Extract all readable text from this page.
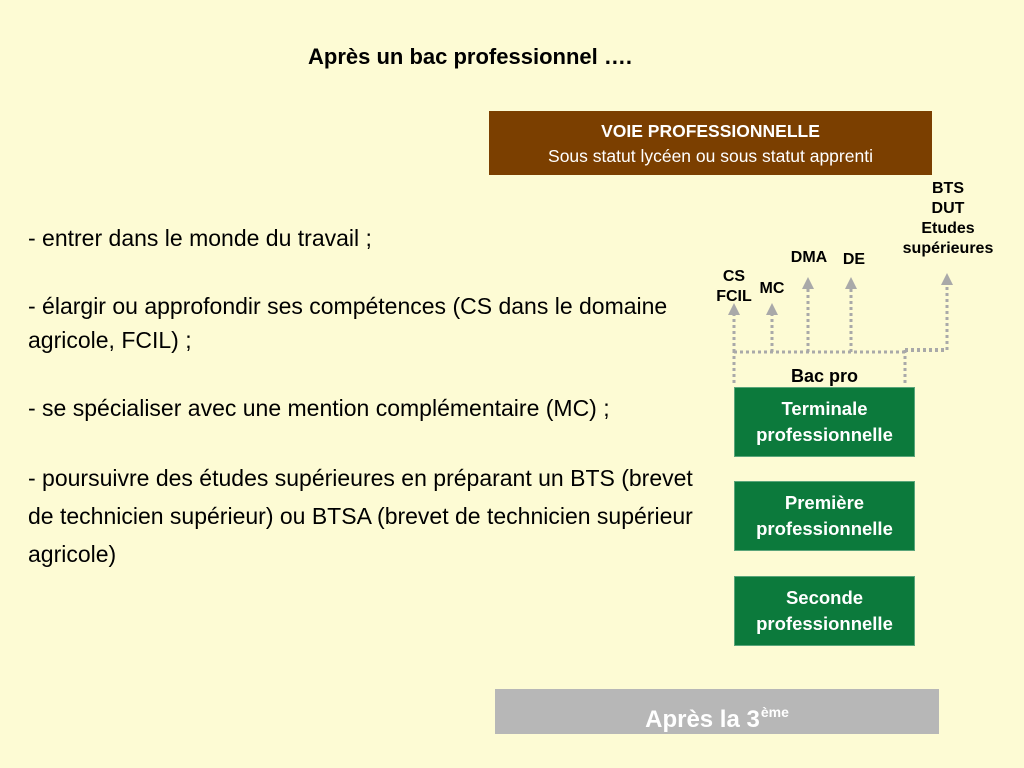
Après un bac professionnel ….
VOIE PROFESSIONNELLE
Sous statut lycéen ou sous statut apprenti

- entrer dans le monde du travail ;

- élargir ou approfondir ses compétences (CS dans le domaine agricole, FCIL) ;

- se spécialiser avec une mention complémentaire (MC) ;

- poursuivre des études supérieures en préparant un BTS (brevet de technicien supérieur) ou BTSA (brevet de technicien supérieur agricole)

CS
FCIL MC
DMA DE
BTS
DUT
Etudes
supérieures
Bac pro
Terminale
professionnelle
Première
professionnelle
Seconde
professionnelle
Après la 3ème
